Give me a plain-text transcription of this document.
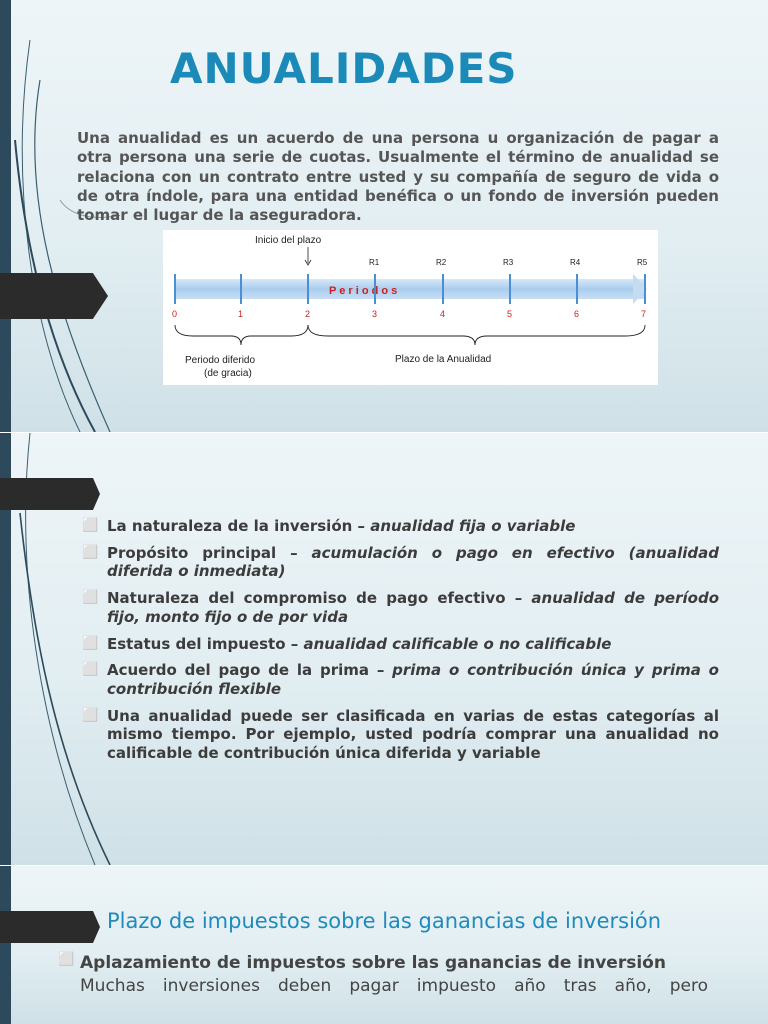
ANUALIDADES

Una anualidad es un acuerdo de una persona u organización de pagar a otra persona una serie de cuotas. Usualmente el término de anualidad se relaciona con un contrato entre usted y su compañía de seguro de vida o de otra índole, para una entidad benéfica o un fondo de inversión pueden tomar el lugar de la aseguradora.

Inicio del plazo
P e r i o d o s
R1	R2	R3	R4	R5
0	1	2	3	4	5	6	7
Periodo diferido
(de gracia)
Plazo de la Anualidad
⬜ La naturaleza de la inversión – anualidad fija o variable
⬜ Propósito principal – acumulación o pago en efectivo (anualidad diferida o inmediata)
⬜ Naturaleza del compromiso de pago efectivo – anualidad de período fijo, monto fijo o de por vida
⬜ Estatus del impuesto – anualidad calificable o no calificable
⬜ Acuerdo del pago de la prima – prima o contribución única y prima o contribución flexible
⬜ Una anualidad puede ser clasificada en varias de estas categorías al mismo tiempo. Por ejemplo, usted podría comprar una anualidad no calificable de contribución única diferida y variable
Plazo de impuestos sobre las ganancias de inversión
⬜ Aplazamiento de impuestos sobre las ganancias de inversión
Muchas inversiones deben pagar impuesto año tras año, pero
